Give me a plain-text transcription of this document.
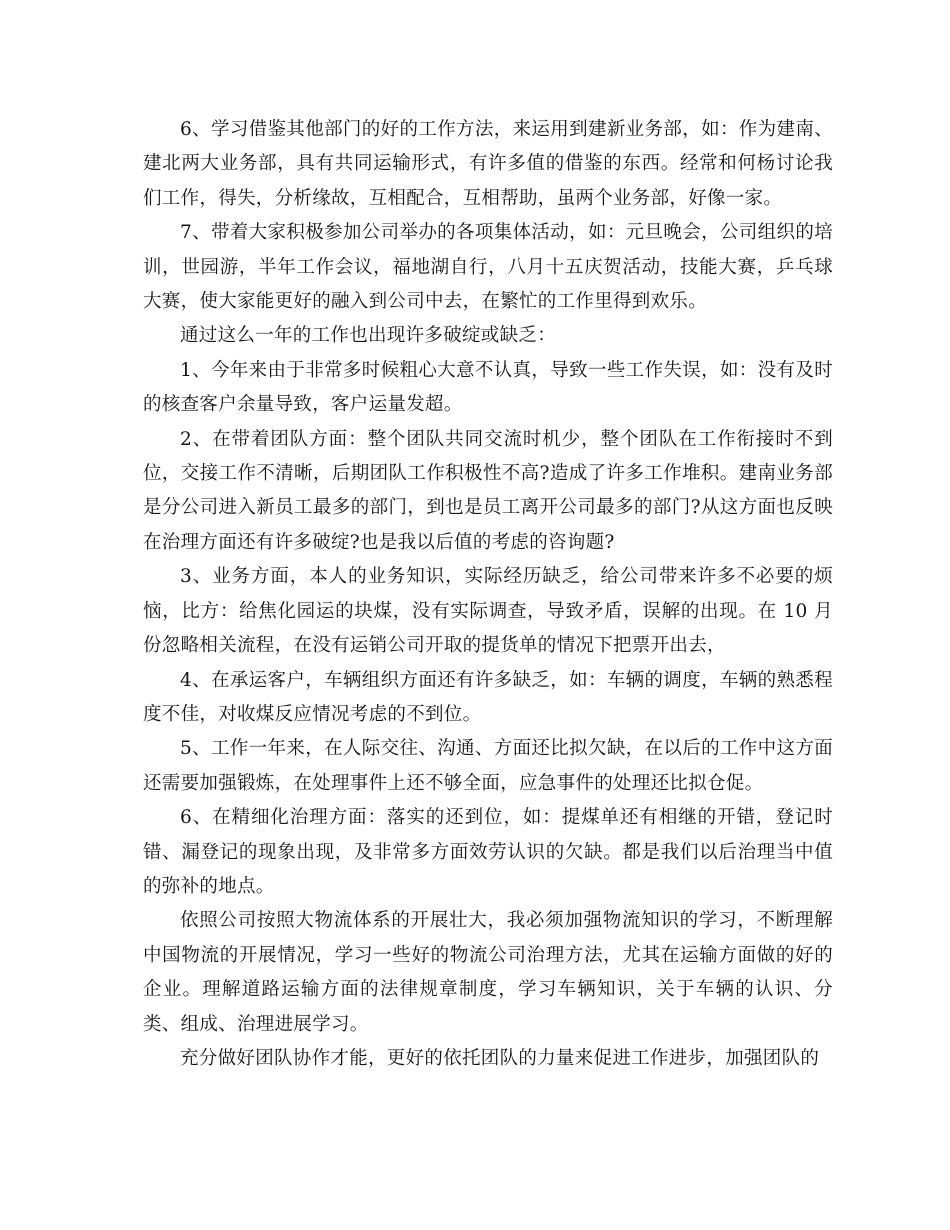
6、学习借鉴其他部门的好的工作方法，来运用到建新业务部，如：作为建南、建北两大业务部，具有共同运输形式，有许多值的借鉴的东西。经常和何杨讨论我们工作，得失，分析缘故，互相配合，互相帮助，虽两个业务部，好像一家。

7、带着大家积极参加公司举办的各项集体活动，如：元旦晚会，公司组织的培训，世园游，半年工作会议，福地湖自行，八月十五庆贺活动，技能大赛，乒乓球大赛，使大家能更好的融入到公司中去，在繁忙的工作里得到欢乐。

通过这么一年的工作也出现许多破绽或缺乏：

1、今年来由于非常多时候粗心大意不认真，导致一些工作失误，如：没有及时的核查客户余量导致，客户运量发超。

2、在带着团队方面：整个团队共同交流时机少，整个团队在工作衔接时不到位，交接工作不清晰，后期团队工作积极性不高?造成了许多工作堆积。建南业务部是分公司进入新员工最多的部门，到也是员工离开公司最多的部门?从这方面也反映在治理方面还有许多破绽?也是我以后值的考虑的咨询题?

3、业务方面，本人的业务知识，实际经历缺乏，给公司带来许多不必要的烦恼，比方：给焦化园运的块煤，没有实际调查，导致矛盾，误解的出现。在 10 月份忽略相关流程，在没有运销公司开取的提货单的情况下把票开出去，

4、在承运客户，车辆组织方面还有许多缺乏，如：车辆的调度，车辆的熟悉程度不佳，对收煤反应情况考虑的不到位。

5、工作一年来，在人际交往、沟通、方面还比拟欠缺，在以后的工作中这方面还需要加强锻炼，在处理事件上还不够全面，应急事件的处理还比拟仓促。

6、在精细化治理方面：落实的还到位，如：提煤单还有相继的开错，登记时错、漏登记的现象出现，及非常多方面效劳认识的欠缺。都是我们以后治理当中值的弥补的地点。

依照公司按照大物流体系的开展壮大，我必须加强物流知识的学习，不断理解中国物流的开展情况，学习一些好的物流公司治理方法，尤其在运输方面做的好的企业。理解道路运输方面的法律规章制度，学习车辆知识，关于车辆的认识、分类、组成、治理进展学习。

充分做好团队协作才能，更好的依托团队的力量来促进工作进步，加强团队的
